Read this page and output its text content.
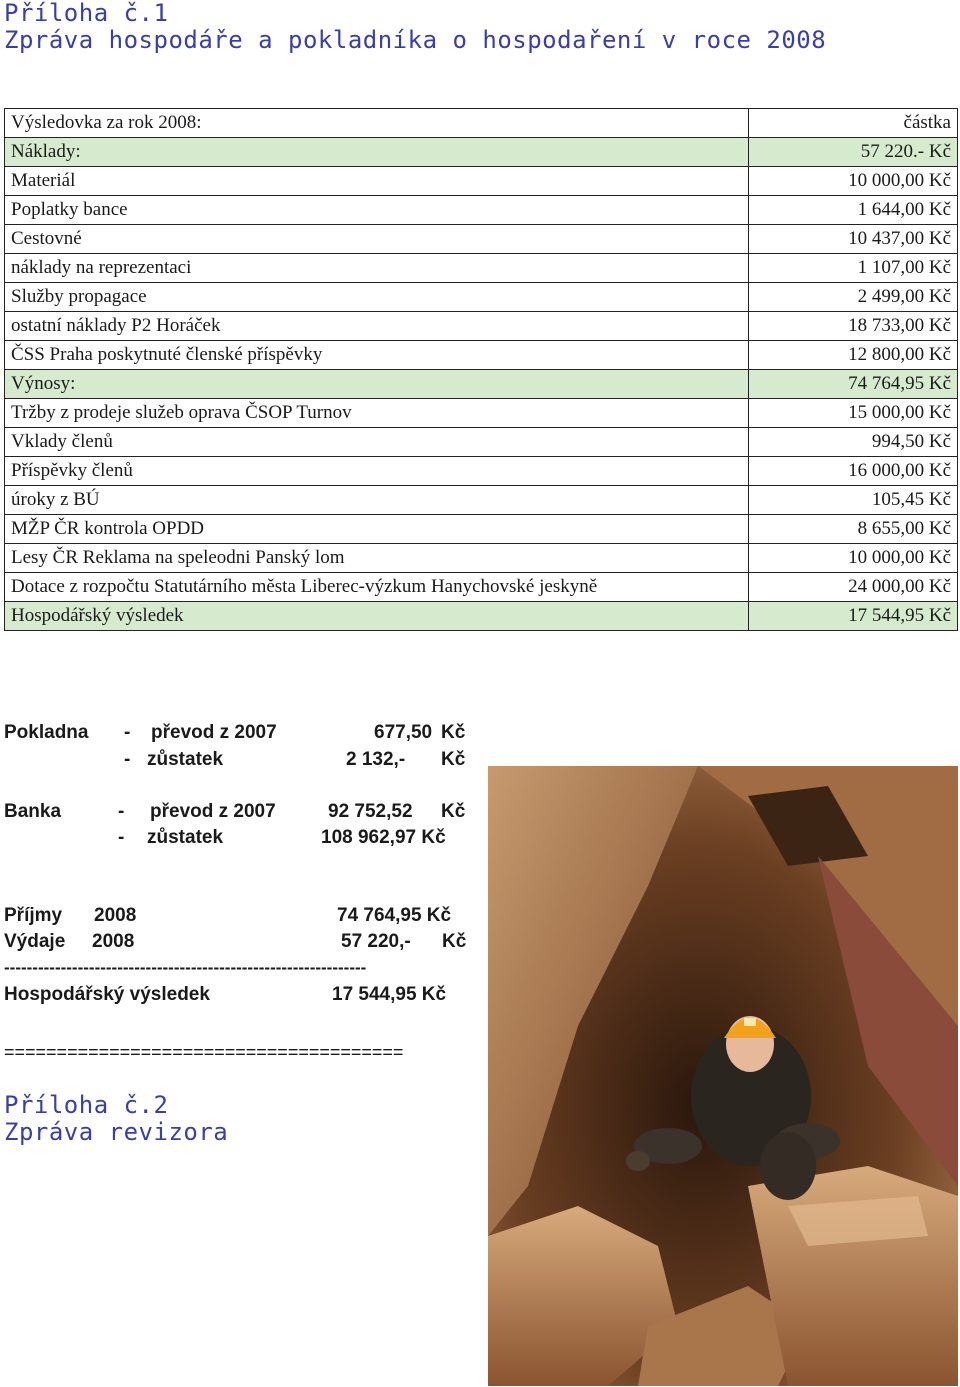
Příloha č.1
Zpráva hospodáře a pokladníka o hospodaření v roce 2008
Výsledovka za rok 2008:	částka
Náklady:	57 220.- Kč
Materiál	10 000,00 Kč
Poplatky bance	1 644,00 Kč
Cestovné	10 437,00 Kč
náklady na reprezentaci	1 107,00 Kč
Služby propagace	2 499,00 Kč
ostatní náklady P2 Horáček	18 733,00 Kč
ČSS Praha poskytnuté členské příspěvky	12 800,00 Kč
Výnosy:	74 764,95 Kč
Tržby z prodeje služeb oprava ČSOP Turnov	15 000,00 Kč
Vklady členů	994,50 Kč
Příspěvky členů	16 000,00 Kč
úroky z BÚ	105,45 Kč
MŽP ČR kontrola OPDD	8 655,00 Kč
Lesy ČR Reklama na speleodni Panský lom	10 000,00 Kč
Dotace z rozpočtu Statutárního města Liberec-výzkum Hanychovské jeskyně	24 000,00 Kč
Hospodářský výsledek	17 544,95 Kč
Pokladna - převod z 2007	677,50 Kč
- zůstatek	2 132,- Kč
Banka	- převod z 2007	92 752,52 Kč
- zůstatek	108 962,97 Kč
Příjmy 2008	74 764,95 Kč
Výdaje 2008	57 220,- Kč
----------------------------------------------------------------
Hospodářský výsledek	17 544,95 Kč
======================================
Příloha č.2
Zpráva revizora
